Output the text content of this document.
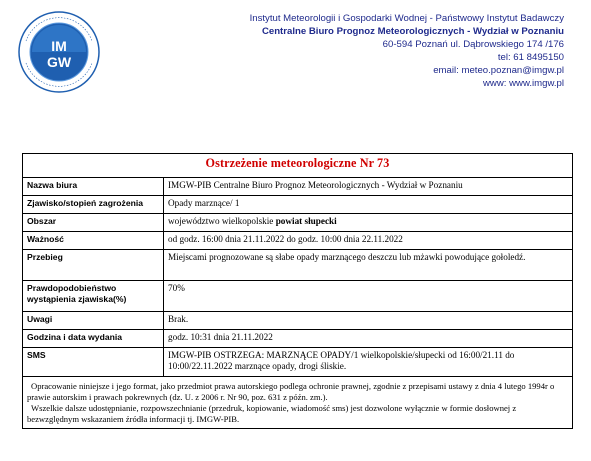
IM
GW
Instytut Meteorologii i Gospodarki Wodnej - Państwowy Instytut Badawczy
Centralne Biuro Prognoz Meteorologicznych - Wydział w Poznaniu
60-594 Poznań ul. Dąbrowskiego 174 /176
tel: 61 8495150
email: meteo.poznan@imgw.pl
www: www.imgw.pl
Ostrzeżenie meteorologiczne Nr 73
Nazwa biura	IMGW-PIB Centralne Biuro Prognoz Meteorologicznych - Wydział w Poznaniu
Zjawisko/stopień zagrożenia	Opady marznące/ 1
Obszar	województwo wielkopolskie powiat słupecki
Ważność	od godz. 16:00 dnia 21.11.2022 do godz. 10:00 dnia 22.11.2022
Przebieg	Miejscami prognozowane są słabe opady marznącego deszczu lub mżawki powodujące gołoledź.
Prawdopodobieństwo wystąpienia zjawiska(%)	70%
Uwagi	Brak.
Godzina i data wydania	godz. 10:31 dnia 21.11.2022
SMS	IMGW-PIB OSTRZEGA: MARZNĄCE OPADY/1 wielkopolskie/słupecki od 16:00/21.11 do 10:00/22.11.2022 marznące opady, drogi śliskie.

Opracowanie niniejsze i jego format, jako przedmiot prawa autorskiego podlega ochronie prawnej, zgodnie z przepisami ustawy z dnia 4 lutego 1994r o prawie autorskim i prawach pokrewnych (dz. U. z 2006 r. Nr 90, poz. 631 z późn. zm.).

Wszelkie dalsze udostępnianie, rozpowszechnianie (przedruk, kopiowanie, wiadomość sms) jest dozwolone wyłącznie w formie dosłownej z bezwzględnym wskazaniem źródła informacji tj. IMGW-PIB.
